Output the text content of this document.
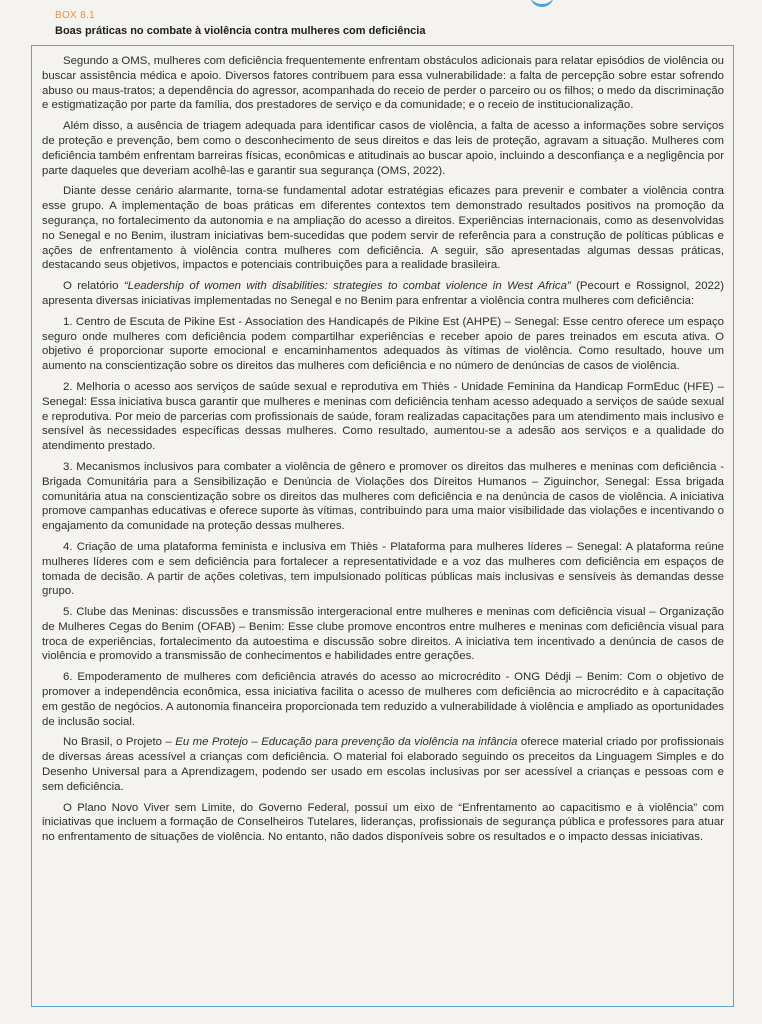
BOX 8.1
Boas práticas no combate à violência contra mulheres com deficiência

Segundo a OMS, mulheres com deficiência frequentemente enfrentam obstáculos adicionais para relatar episódios de violência ou buscar assistência médica e apoio. Diversos fatores contribuem para essa vulnerabilidade: a falta de percepção sobre estar sofrendo abuso ou maus-tratos; a dependência do agressor, acompanhada do receio de perder o parceiro ou os filhos; o medo da discriminação e estigmatização por parte da família, dos prestadores de serviço e da comunidade; e o receio de institucionalização.

Além disso, a ausência de triagem adequada para identificar casos de violência, a falta de acesso a informações sobre serviços de proteção e prevenção, bem como o desconhecimento de seus direitos e das leis de proteção, agravam a situação. Mulheres com deficiência também enfrentam barreiras físicas, econômicas e atitudinais ao buscar apoio, incluindo a desconfiança e a negligência por parte daqueles que deveriam acolhê-las e garantir sua segurança (OMS, 2022).

Diante desse cenário alarmante, torna-se fundamental adotar estratégias eficazes para prevenir e combater a violência contra esse grupo. A implementação de boas práticas em diferentes contextos tem demonstrado resultados positivos na promoção da segurança, no fortalecimento da autonomia e na ampliação do acesso a direitos. Experiências internacionais, como as desenvolvidas no Senegal e no Benim, ilustram iniciativas bem-sucedidas que podem servir de referência para a construção de políticas públicas e ações de enfrentamento à violência contra mulheres com deficiência. A seguir, são apresentadas algumas dessas práticas, destacando seus objetivos, impactos e potenciais contribuições para a realidade brasileira.

O relatório “Leadership of women with disabilities: strategies to combat violence in West Africa” (Pecourt e Rossignol, 2022) apresenta diversas iniciativas implementadas no Senegal e no Benim para enfrentar a violência contra mulheres com deficiência:

1. Centro de Escuta de Pikine Est - Association des Handicapés de Pikine Est (AHPE) – Senegal: Esse centro oferece um espaço seguro onde mulheres com deficiência podem compartilhar experiências e receber apoio de pares treinados em escuta ativa. O objetivo é proporcionar suporte emocional e encaminhamentos adequados às vítimas de violência. Como resultado, houve um aumento na conscientização sobre os direitos das mulheres com deficiência e no número de denúncias de casos de violência.

2. Melhoria o acesso aos serviços de saúde sexual e reprodutiva em Thiès - Unidade Feminina da Handicap FormEduc (HFE) – Senegal: Essa iniciativa busca garantir que mulheres e meninas com deficiência tenham acesso adequado a serviços de saúde sexual e reprodutiva. Por meio de parcerias com profissionais de saúde, foram realizadas capacitações para um atendimento mais inclusivo e sensível às necessidades específicas dessas mulheres. Como resultado, aumentou-se a adesão aos serviços e a qualidade do atendimento prestado.

3. Mecanismos inclusivos para combater a violência de gênero e promover os direitos das mulheres e meninas com deficiência - Brigada Comunitária para a Sensibilização e Denúncia de Violações dos Direitos Humanos – Ziguinchor, Senegal: Essa brigada comunitária atua na conscientização sobre os direitos das mulheres com deficiência e na denúncia de casos de violência. A iniciativa promove campanhas educativas e oferece suporte às vítimas, contribuindo para uma maior visibilidade das violações e incentivando o engajamento da comunidade na proteção dessas mulheres.

4. Criação de uma plataforma feminista e inclusiva em Thiès - Plataforma para mulheres líderes – Senegal: A plataforma reúne mulheres líderes com e sem deficiência para fortalecer a representatividade e a voz das mulheres com deficiência em espaços de tomada de decisão. A partir de ações coletivas, tem impulsionado políticas públicas mais inclusivas e sensíveis às demandas desse grupo.

5. Clube das Meninas: discussões e transmissão intergeracional entre mulheres e meninas com deficiência visual – Organização de Mulheres Cegas do Benim (OFAB) – Benim: Esse clube promove encontros entre mulheres e meninas com deficiência visual para troca de experiências, fortalecimento da autoestima e discussão sobre direitos. A iniciativa tem incentivado a denúncia de casos de violência e promovido a transmissão de conhecimentos e habilidades entre gerações.

6. Empoderamento de mulheres com deficiência através do acesso ao microcrédito - ONG Dédji – Benim: Com o objetivo de promover a independência econômica, essa iniciativa facilita o acesso de mulheres com deficiência ao microcrédito e à capacitação em gestão de negócios. A autonomia financeira proporcionada tem reduzido a vulnerabilidade à violência e ampliado as oportunidades de inclusão social.

No Brasil, o Projeto – Eu me Protejo – Educação para prevenção da violência na infância oferece material criado por profissionais de diversas áreas acessível a crianças com deficiência. O material foi elaborado seguindo os preceitos da Linguagem Simples e do Desenho Universal para a Aprendizagem, podendo ser usado em escolas inclusivas por ser acessível a crianças e pessoas com e sem deficiência.

O Plano Novo Viver sem Limite, do Governo Federal, possui um eixo de “Enfrentamento ao capacitismo e à violência” com iniciativas que incluem a formação de Conselheiros Tutelares, lideranças, profissionais de segurança pública e professores para atuar no enfrentamento de situações de violência. No entanto, não dados disponíveis sobre os resultados e o impacto dessas iniciativas.
